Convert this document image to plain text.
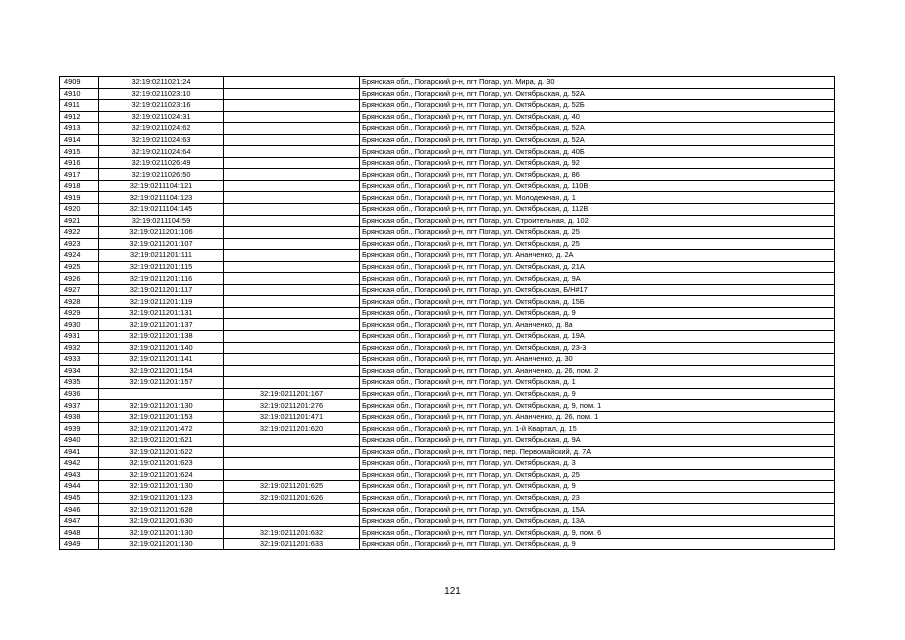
4909	32:19:0211021:24		Брянская обл., Погарский р-н, пгт Погар, ул. Мира, д. 30
4910	32:19:0211023:10		Брянская обл., Погарский р-н, пгт Погар, ул. Октябрьская, д. 52А
4911	32:19:0211023:16		Брянская обл., Погарский р-н, пгт Погар, ул. Октябрьская, д. 52Б
4912	32:19:0211024:31		Брянская обл., Погарский р-н, пгт Погар, ул. Октябрьская, д. 40
4913	32:19:0211024:62		Брянская обл., Погарский р-н, пгт Погар, ул. Октябрьская, д. 52А
4914	32:19:0211024:63		Брянская обл., Погарский р-н, пгт Погар, ул. Октябрьская, д. 52А
4915	32:19:0211024:64		Брянская обл., Погарский р-н, пгт Погар, ул. Октябрьская, д. 40Б
4916	32:19:0211026:49		Брянская обл., Погарский р-н, пгт Погар, ул. Октябрьская, д. 92
4917	32:19:0211026:50		Брянская обл., Погарский р-н, пгт Погар, ул. Октябрьская, д. 86
4918	32:19:0211104:121		Брянская обл., Погарский р-н, пгт Погар, ул. Октябрьская, д. 110В
4919	32:19:0211104:123		Брянская обл., Погарский р-н, пгт Погар, ул. Молодежная, д. 1
4920	32:19:0211104:145		Брянская обл., Погарский р-н, пгт Погар, ул. Октябрьская, д. 112В
4921	32:19:0211104:59		Брянская обл., Погарский р-н, пгт Погар, ул. Строительная, д. 102
4922	32:19:0211201:106		Брянская обл., Погарский р-н, пгт Погар, ул. Октябрьская, д. 25
4923	32:19:0211201:107		Брянская обл., Погарский р-н, пгт Погар, ул. Октябрьская, д. 25
4924	32:19:0211201:111		Брянская обл., Погарский р-н, пгт Погар, ул. Ананченко, д. 2А
4925	32:19:0211201:115		Брянская обл., Погарский р-н, пгт Погар, ул. Октябрьская, д. 21А
4926	32:19:0211201:116		Брянская обл., Погарский р-н, пгт Погар, ул. Октябрьская, д. 9А
4927	32:19:0211201:117		Брянская обл., Погарский р-н, пгт Погар, ул. Октябрьская, Б/Н#17
4928	32:19:0211201:119		Брянская обл., Погарский р-н, пгт Погар, ул. Октябрьская, д. 15Б
4929	32:19:0211201:131		Брянская обл., Погарский р-н, пгт Погар, ул. Октябрьская, д. 9
4930	32:19:0211201:137		Брянская обл., Погарский р-н, пгт Погар, ул. Ананченко, д. 8а
4931	32:19:0211201:138		Брянская обл., Погарский р-н, пгт Погар, ул. Октябрьская, д. 19А
4932	32:19:0211201:140		Брянская обл., Погарский р-н, пгт Погар, ул. Октябрьская, д. 23-3
4933	32:19:0211201:141		Брянская обл., Погарский р-н, пгт Погар, ул. Ананченко, д. 30
4934	32:19:0211201:154		Брянская обл., Погарский р-н, пгт Погар, ул. Ананченко, д. 26, пом. 2
4935	32:19:0211201:157		Брянская обл., Погарский р-н, пгт Погар, ул. Октябрьская, д. 1
4936		32:19:0211201:167	Брянская обл., Погарский р-н, пгт Погар, ул. Октябрьская, д. 9
4937	32:19:0211201:130	32:19:0211201:276	Брянская обл., Погарский р-н, пгт Погар, ул. Октябрьская, д. 9, пом. 1
4938	32:19:0211201:153	32:19:0211201:471	Брянская обл., Погарский р-н, пгт Погар, ул. Ананченко, д. 26, пом. 1
4939	32:19:0211201:472	32:19:0211201:620	Брянская обл., Погарский р-н, пгт Погар, ул. 1-й Квартал, д. 15
4940	32:19:0211201:621		Брянская обл., Погарский р-н, пгт Погар, ул. Октябрьская, д. 9А
4941	32:19:0211201:622		Брянская обл., Погарский р-н, пгт Погар, пер. Первомайский, д. 7А
4942	32:19:0211201:623		Брянская обл., Погарский р-н, пгт Погар, ул. Октябрьская, д. 3
4943	32:19:0211201:624		Брянская обл., Погарский р-н, пгт Погар, ул. Октябрьская, д. 25
4944	32:19:0211201:130	32:19:0211201:625	Брянская обл., Погарский р-н, пгт Погар, ул. Октябрьская, д. 9
4945	32:19:0211201:123	32:19:0211201:626	Брянская обл., Погарский р-н, пгт Погар, ул. Октябрьская, д. 23
4946	32:19:0211201:628		Брянская обл., Погарский р-н, пгт Погар, ул. Октябрьская, д. 15А
4947	32:19:0211201:630		Брянская обл., Погарский р-н, пгт Погар, ул. Октябрьская, д. 13А
4948	32:19:0211201:130	32:19:0211201:632	Брянская обл., Погарский р-н, пгт Погар, ул. Октябрьская, д. 9, пом. 6
4949	32:19:0211201:130	32:19:0211201:633	Брянская обл., Погарский р-н, пгт Погар, ул. Октябрьская, д. 9
121
